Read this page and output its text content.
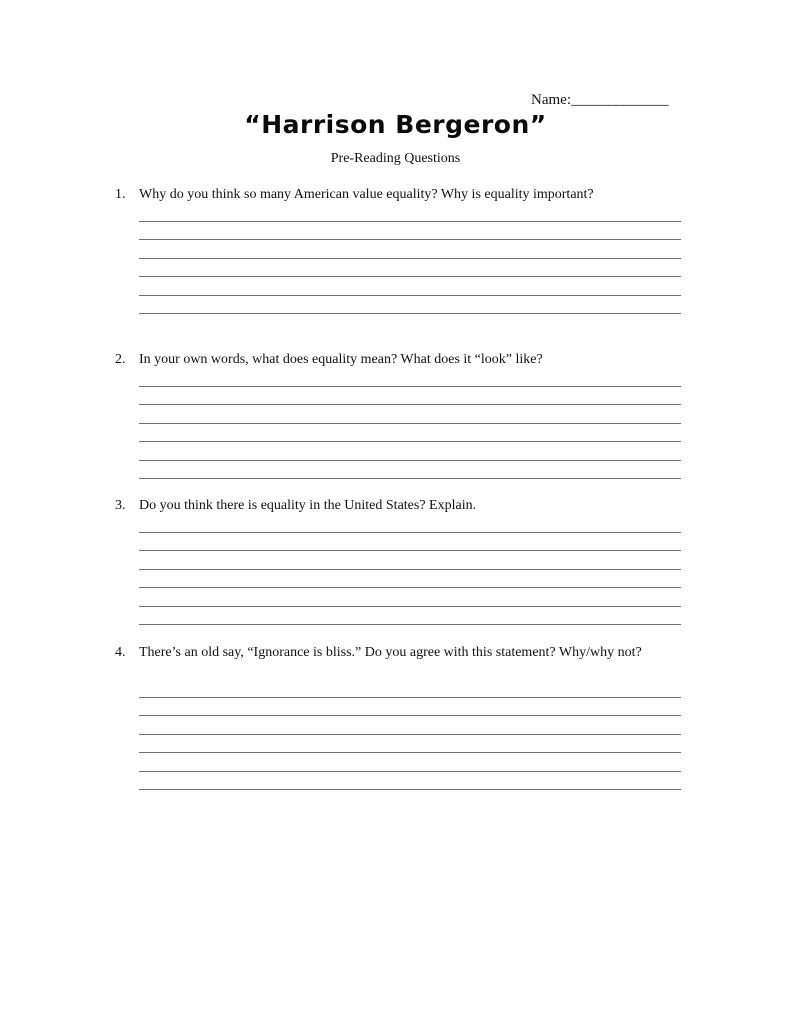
Name:_____________
“Harrison Bergeron”
Pre-Reading Questions
1. Why do you think so many American value equality? Why is equality important?
2. In your own words, what does equality mean? What does it “look” like?
3. Do you think there is equality in the United States? Explain.
4. There’s an old say, “Ignorance is bliss.” Do you agree with this statement? Why/why not?
